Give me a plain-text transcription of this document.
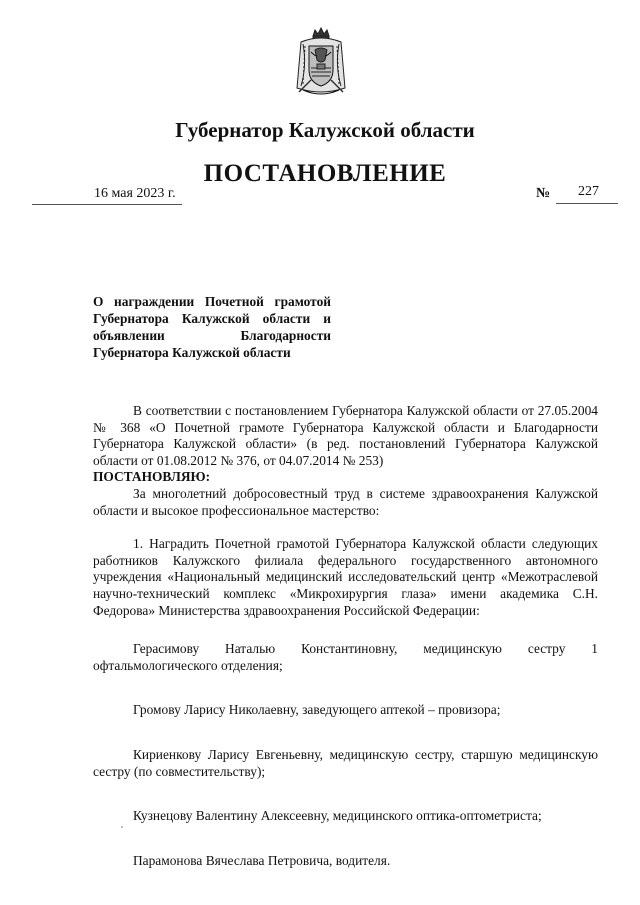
Губернатор Калужской области
ПОСТАНОВЛЕНИЕ
16 мая 2023 г.	№ 227
О награждении Почетной грамотой Губернатора Калужской области и объявлении Благодарности Губернатора Калужской области

В соответствии с постановлением Губернатора Калужской области от 27.05.2004 № 368 «О Почетной грамоте Губернатора Калужской области и Благодарности Губернатора Калужской области» (в ред. постановлений Губернатора Калужской области от 01.08.2012 № 376, от 04.07.2014 № 253)

ПОСТАНОВЛЯЮ:

За многолетний добросовестный труд в системе здравоохранения Калужской области и высокое профессиональное мастерство:

1. Наградить Почетной грамотой Губернатора Калужской области следующих работников Калужского филиала федерального государственного автономного учреждения «Национальный медицинский исследовательский центр «Межотраслевой научно-технический комплекс «Микрохирургия глаза» имени академика С.Н. Федорова» Министерства здравоохранения Российской Федерации:

Герасимову Наталью Константиновну, медицинскую сестру 1 офтальмологического отделения;

Громову Ларису Николаевну, заведующего аптекой – провизора;

Кириенкову Ларису Евгеньевну, медицинскую сестру, старшую медицинскую сестру (по совместительству);

Кузнецову Валентину Алексеевну, медицинского оптика-оптометриста;

Парамонова Вячеслава Петровича, водителя.
